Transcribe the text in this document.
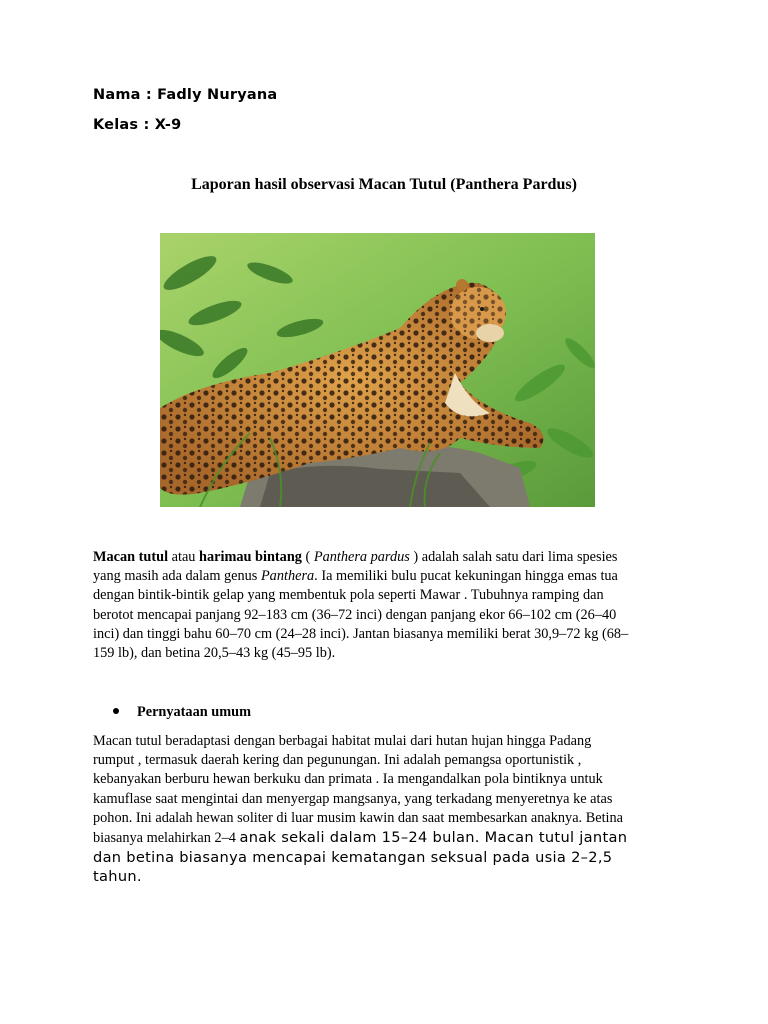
Nama : Fadly Nuryana
Kelas : X-9
Laporan hasil observasi Macan Tutul (Panthera Pardus)
Macan tutul atau harimau bintang ( Panthera pardus ) adalah salah satu dari lima spesies
yang masih ada dalam genus Panthera. Ia memiliki bulu pucat kekuningan hingga emas tua
dengan bintik-bintik gelap yang membentuk pola seperti Mawar . Tubuhnya ramping dan
berotot mencapai panjang 92–183 cm (36–72 inci) dengan panjang ekor 66–102 cm (26–40
inci) dan tinggi bahu 60–70 cm (24–28 inci). Jantan biasanya memiliki berat 30,9–72 kg (68–
159 lb), dan betina 20,5–43 kg (45–95 lb).
Pernyataan umum
Macan tutul beradaptasi dengan berbagai habitat mulai dari hutan hujan hingga Padang
rumput , termasuk daerah kering dan pegunungan. Ini adalah pemangsa oportunistik ,
kebanyakan berburu hewan berkuku dan primata . Ia mengandalkan pola bintiknya untuk
kamuflase saat mengintai dan menyergap mangsanya, yang terkadang menyeretnya ke atas
pohon. Ini adalah hewan soliter di luar musim kawin dan saat membesarkan anaknya. Betina
biasanya melahirkan 2–4 anak sekali dalam 15–24 bulan. Macan tutul jantan
dan betina biasanya mencapai kematangan seksual pada usia 2–2,5
tahun.
